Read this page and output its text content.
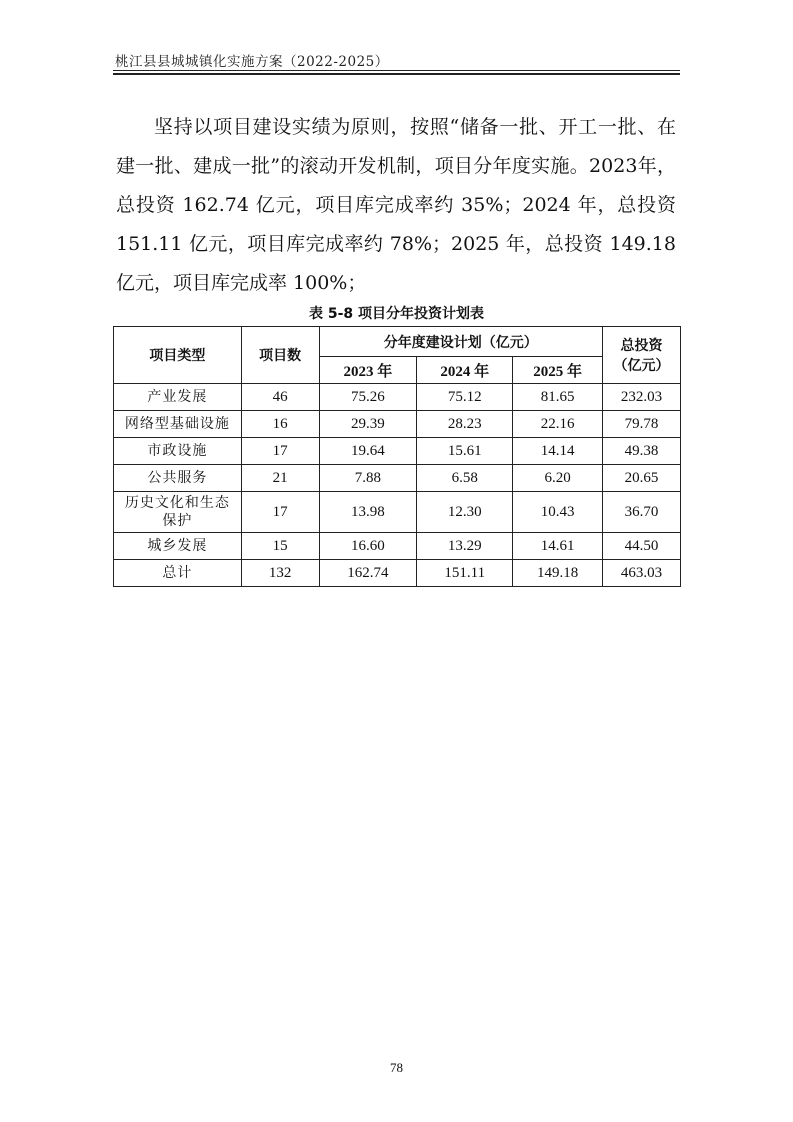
桃江县县城城镇化实施方案（2022-2025）

坚持以项目建设实绩为原则，按照“储备一批、开工一批、在建一批、建成一批”的滚动开发机制，项目分年度实施。2023年，总投资 162.74 亿元，项目库完成率约 35%；2024 年，总投资 151.11 亿元，项目库完成率约 78%；2025 年，总投资 149.18 亿元，项目库完成率 100%；

表 5-8 项目分年投资计划表
项目类型	项目数	分年度建设计划（亿元）			总投资
（亿元）

		2023 年	2024 年	2025 年	
产业发展	46	75.26	75.12	81.65	232.03
网络型基础设施	16	29.39	28.23	22.16	79.78
市政设施	17	19.64	15.61	14.14	49.38
公共服务	21	7.88	6.58	6.20	20.65
历史文化和生态保护	17	13.98	12.30	10.43	36.70
城乡发展	15	16.60	13.29	14.61	44.50
总计	132	162.74	151.11	149.18	463.03
78
